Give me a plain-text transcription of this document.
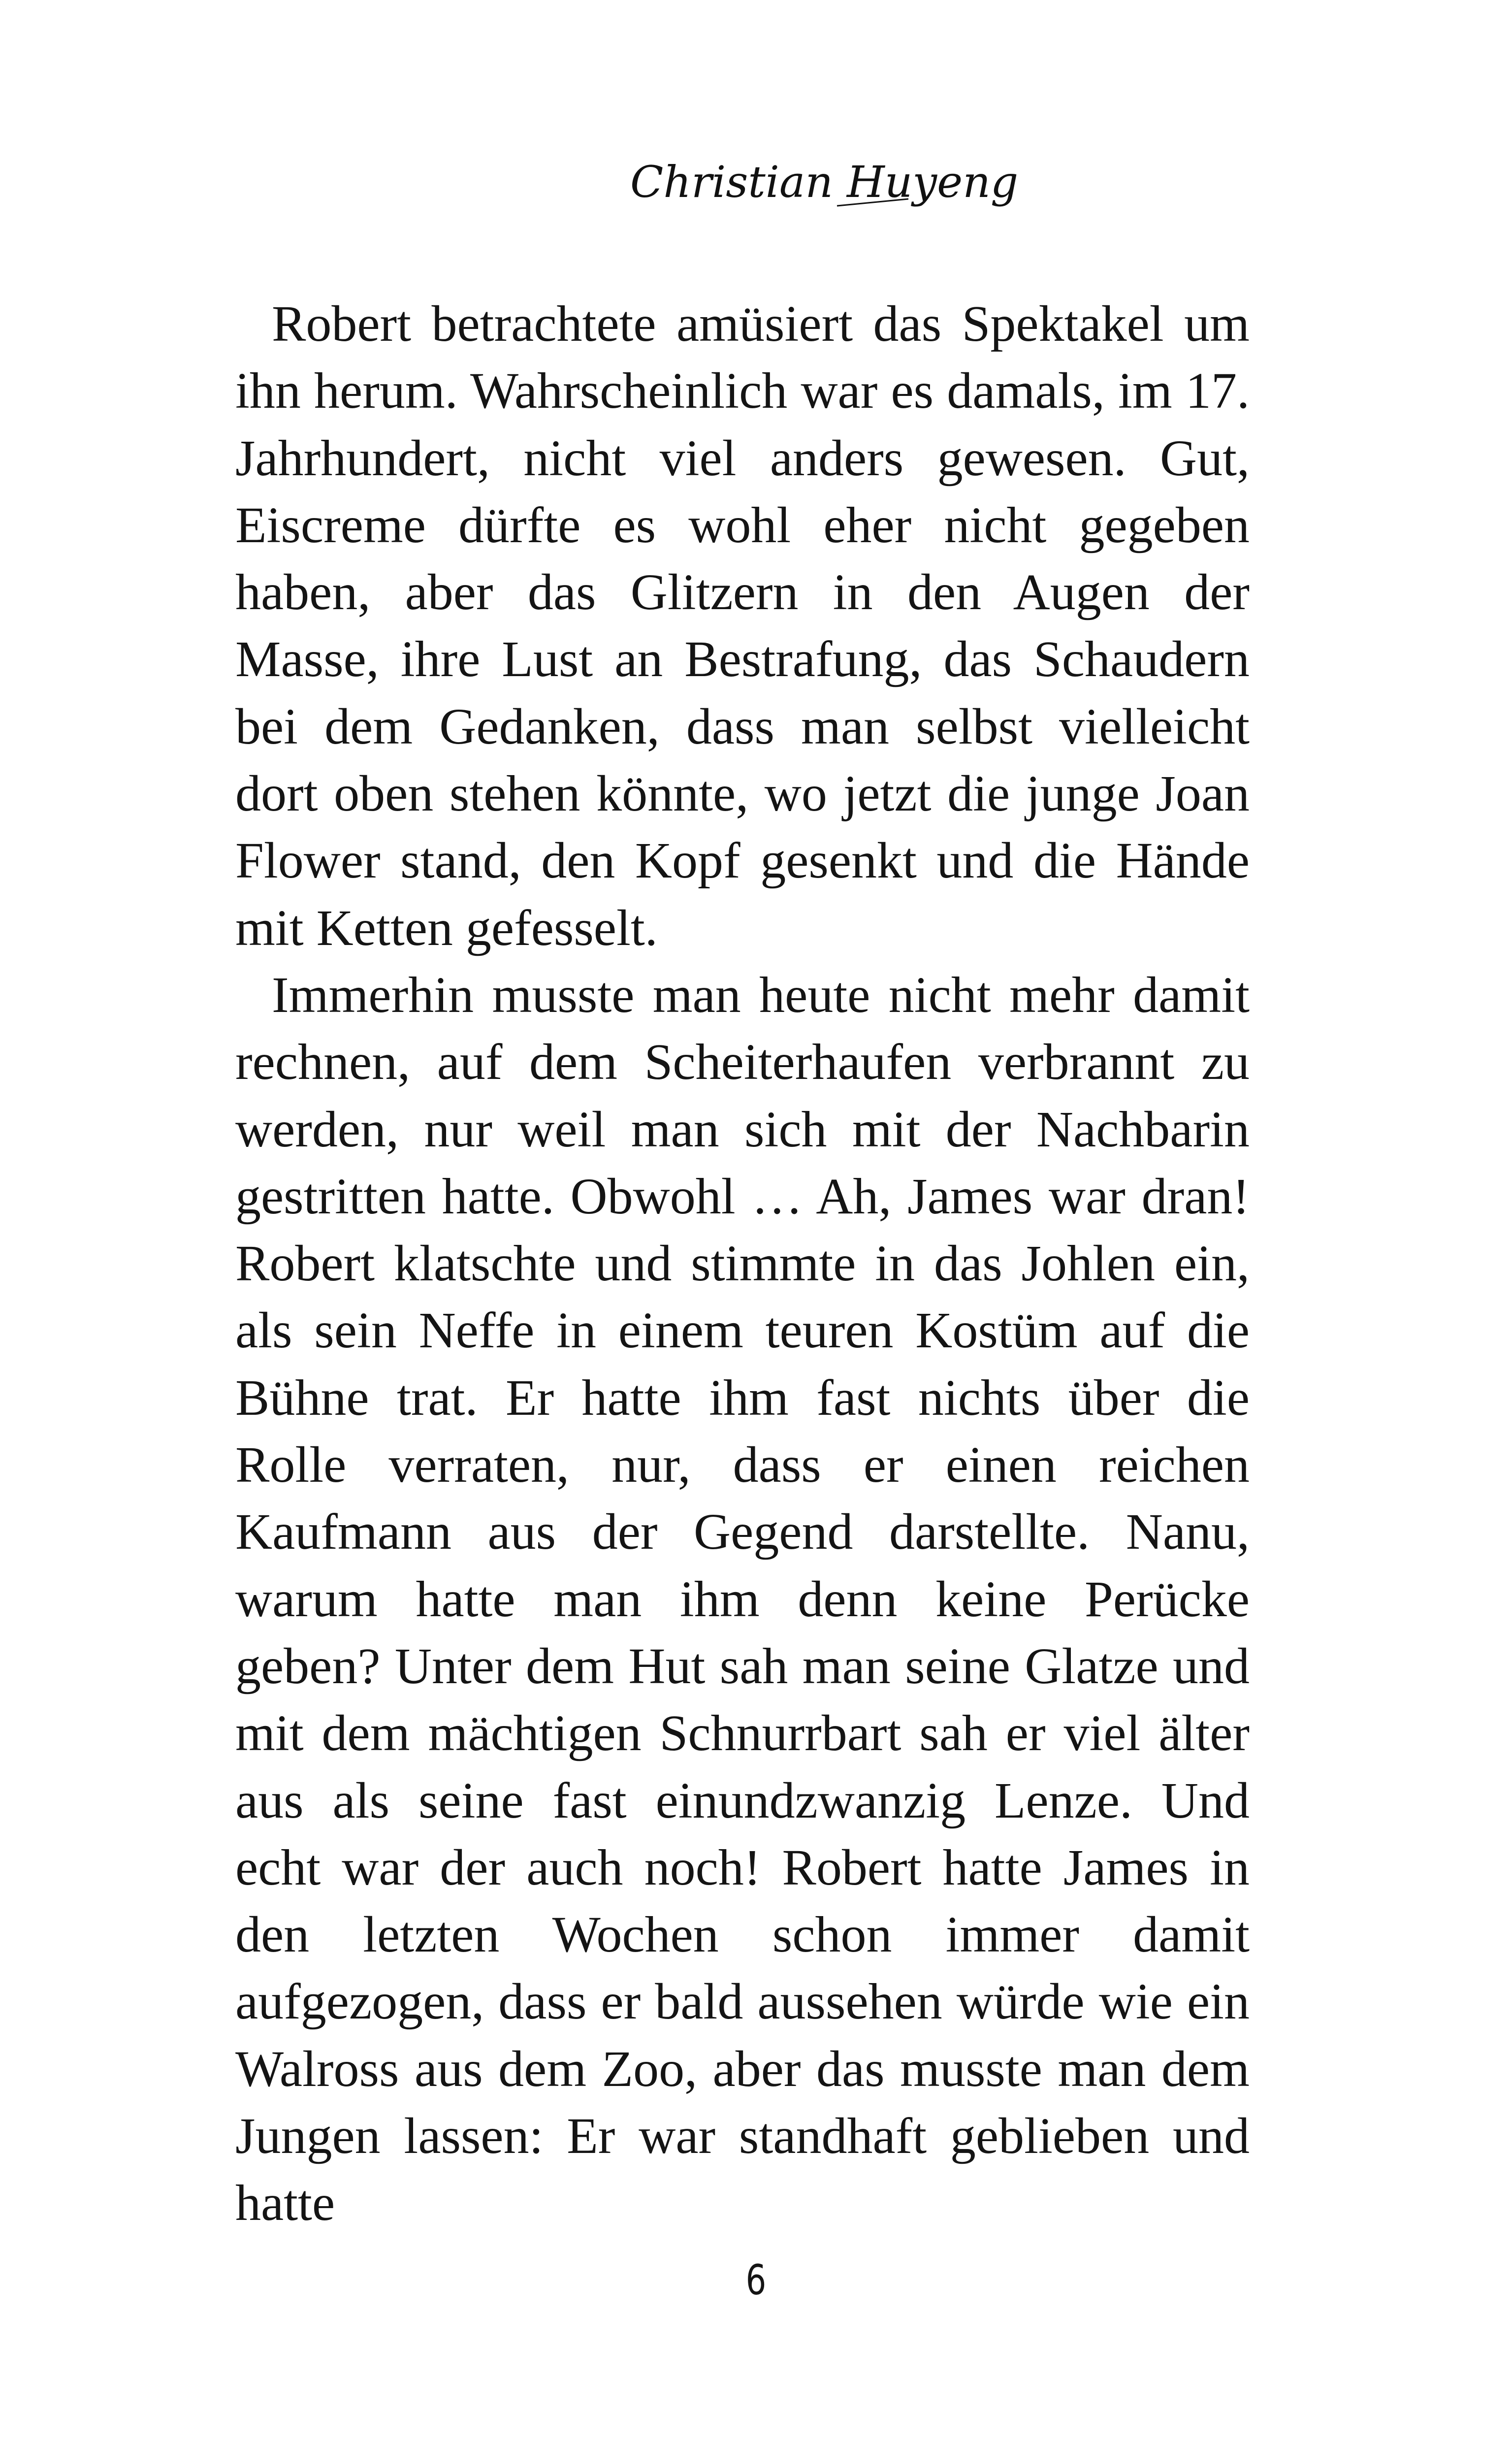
Christian Huyeng

Robert betrachtete amüsiert das Spektakel um ihn herum. Wahrscheinlich war es damals, im 17. Jahrhundert, nicht viel anders gewesen. Gut, Eiscreme dürfte es wohl eher nicht gegeben haben, aber das Glitzern in den Augen der Masse, ihre Lust an Bestrafung, das Schaudern bei dem Gedanken, dass man selbst vielleicht dort oben stehen könnte, wo jetzt die junge Joan Flower stand, den Kopf gesenkt und die Hände mit Ketten gefesselt.

Immerhin musste man heute nicht mehr damit rechnen, auf dem Scheiterhaufen verbrannt zu werden, nur weil man sich mit der Nachbarin gestritten hatte. Obwohl … Ah, James war dran! Robert klatschte und stimmte in das Johlen ein, als sein Neffe in einem teuren Kostüm auf die Bühne trat. Er hatte ihm fast nichts über die Rolle verraten, nur, dass er einen reichen Kaufmann aus der Gegend darstellte. Nanu, warum hatte man ihm denn keine Perücke geben? Unter dem Hut sah man seine Glatze und mit dem mächtigen Schnurrbart sah er viel älter aus als seine fast einundzwanzig Lenze. Und echt war der auch noch! Robert hatte James in den letzten Wochen schon immer damit aufgezogen, dass er bald aussehen würde wie ein Walross aus dem Zoo, aber das musste man dem Jungen lassen: Er war standhaft geblieben und hatte

6
